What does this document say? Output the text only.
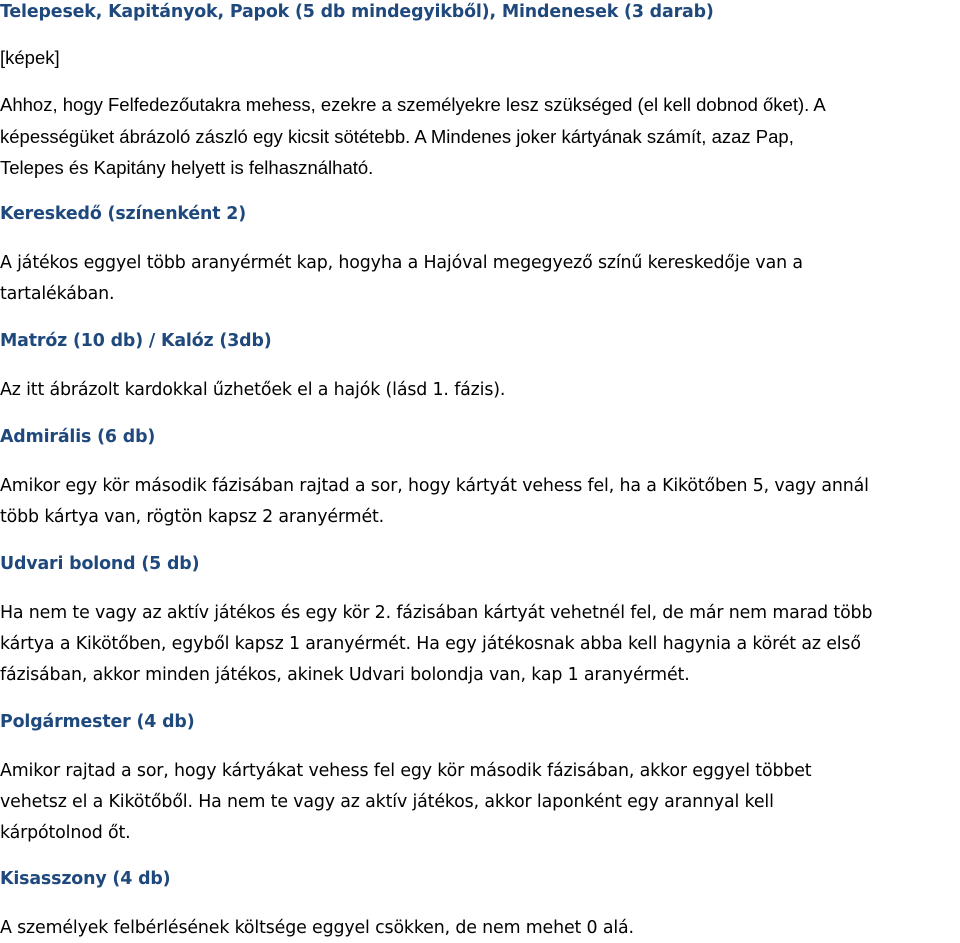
Telepesek, Kapitányok, Papok (5 db mindegyikből), Mindenesek (3 darab)
[képek]
Ahhoz, hogy Felfedezőutakra mehess, ezekre a személyekre lesz szükséged (el kell dobnod őket). A
képességüket ábrázoló zászló egy kicsit sötétebb. A Mindenes joker kártyának számít, azaz Pap,
Telepes és Kapitány helyett is felhasználható.
Kereskedő (színenként 2)
A játékos eggyel több aranyérmét kap, hogyha a Hajóval megegyező színű kereskedője van a
tartalékában.
Matróz (10 db) / Kalóz (3db)
Az itt ábrázolt kardokkal űzhetőek el a hajók (lásd 1. fázis).
Admirális (6 db)
Amikor egy kör második fázisában rajtad a sor, hogy kártyát vehess fel, ha a Kikötőben 5, vagy annál
több kártya van, rögtön kapsz 2 aranyérmét.
Udvari bolond (5 db)
Ha nem te vagy az aktív játékos és egy kör 2. fázisában kártyát vehetnél fel, de már nem marad több
kártya a Kikötőben, egyből kapsz 1 aranyérmét. Ha egy játékosnak abba kell hagynia a körét az első
fázisában, akkor minden játékos, akinek Udvari bolondja van, kap 1 aranyérmét.
Polgármester (4 db)
Amikor rajtad a sor, hogy kártyákat vehess fel egy kör második fázisában, akkor eggyel többet
vehetsz el a Kikötőből. Ha nem te vagy az aktív játékos, akkor laponként egy arannyal kell
kárpótolnod őt.
Kisasszony (4 db)
A személyek felbérlésének költsége eggyel csökken, de nem mehet 0 alá.
